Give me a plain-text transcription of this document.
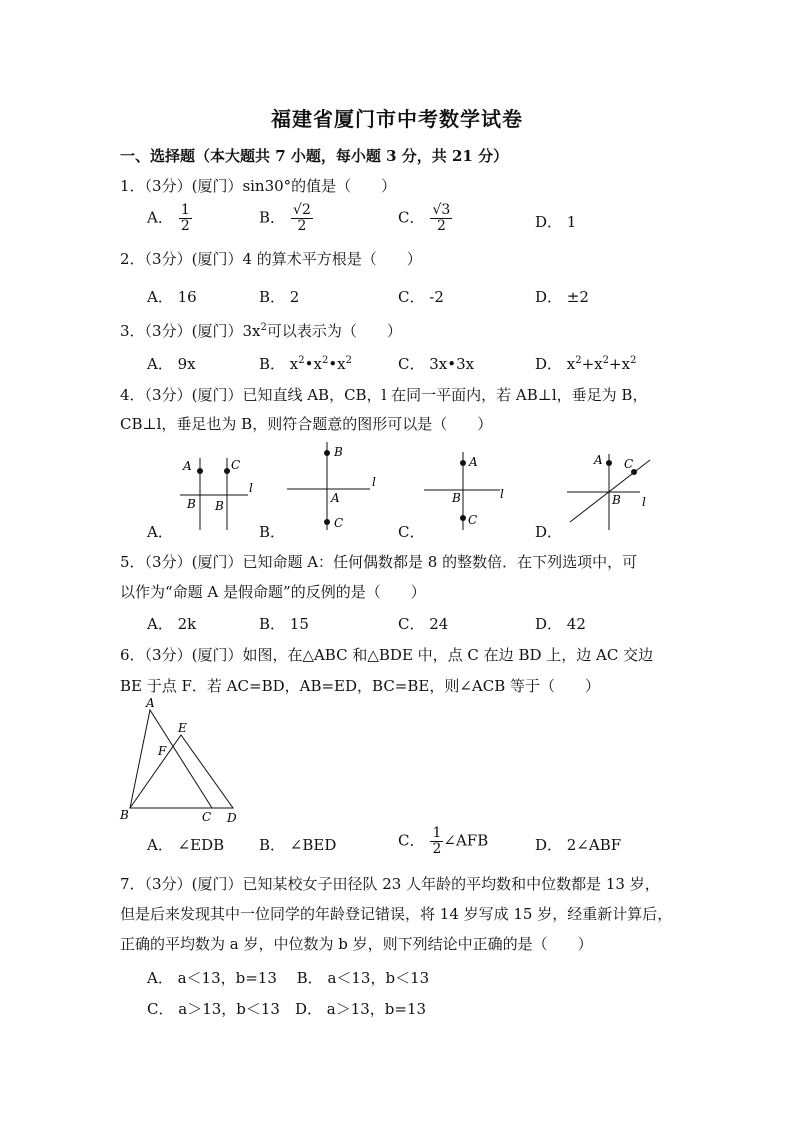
福建省厦门市中考数学试卷
一、选择题（本大题共 7 小题，每小题 3 分，共 21 分）
1．（3分）(厦门）sin30°的值是（　　）
A． $\frac{1}{2}$	B． $\frac{√2}{2}$	C． $\frac{√3}{2}$	D． 1
2．（3分）(厦门）4 的算术平方根是（　　）
A． 16	B． 2	C． -2	D． ±2
3．（3分）(厦门）$3x^2$可以表示为（　　）
A． 9x	B． $x^2•x^2•x^2$	C． 3x•3x	D． $x^2+x^2+x^2$
4．（3分）(厦门）已知直线 AB，CB，l 在同一平面内，若 AB⊥l，垂足为 B，
CB⊥l，垂足也为 B，则符合题意的图形可以是（　　）
A	C
B B
l
B
A
C
l
A
B
C
l
A C
B l
A．	B．	C．	D．
5．（3分）(厦门）已知命题 A：任何偶数都是 8 的整数倍．在下列选项中，可
以作为“命题 A 是假命题”的反例的是（　　）
A． 2k	B． 15	C． 24	D． 42
6．（3分）(厦门）如图，在△ABC 和△BDE 中，点 C 在边 BD 上，边 AC 交边
BE 于点 F．若 AC=BD，AB=ED，BC=BE，则∠ACB 等于（　　）
A
E
F
B	C D
A． ∠EDB B． ∠BED	C． $\frac{1}{2}$ ∠AFB	D． 2∠ABF
7．（3分）(厦门）已知某校女子田径队 23 人年龄的平均数和中位数都是 13 岁，
但是后来发现其中一位同学的年龄登记错误，将 14 岁写成 15 岁，经重新计算后，
正确的平均数为 a 岁，中位数为 b 岁，则下列结论中正确的是（　　）
A． a＜13，b=13　 B． a＜13，b＜13
C． a＞13，b＜13　D． a＞13，b=13
